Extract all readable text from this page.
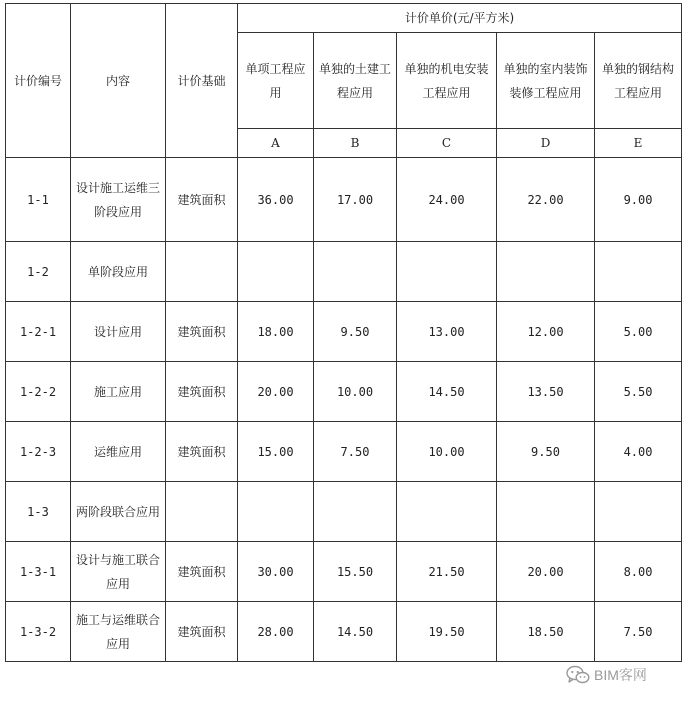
计价编号	内容	计价基础	计价单价(元/平方米)				
			单项工程应用	单独的土建工程应用	单独的机电安装工程应用	单独的室内装饰装修工程应用	单独的钢结构工程应用
			A	B	C	D	E
1-1	设计施工运维三阶段应用	建筑面积	36.00	17.00	24.00	22.00	9.00
1-2	单阶段应用						
1-2-1	设计应用	建筑面积	18.00	9.50	13.00	12.00	5.00
1-2-2	施工应用	建筑面积	20.00	10.00	14.50	13.50	5.50
1-2-3	运维应用	建筑面积	15.00	7.50	10.00	9.50	4.00
1-3	两阶段联合应用						
1-3-1	设计与施工联合应用	建筑面积	30.00	15.50	21.50	20.00	8.00
1-3-2	施工与运维联合应用	建筑面积	28.00	14.50	19.50	18.50	7.50
BIM客网
